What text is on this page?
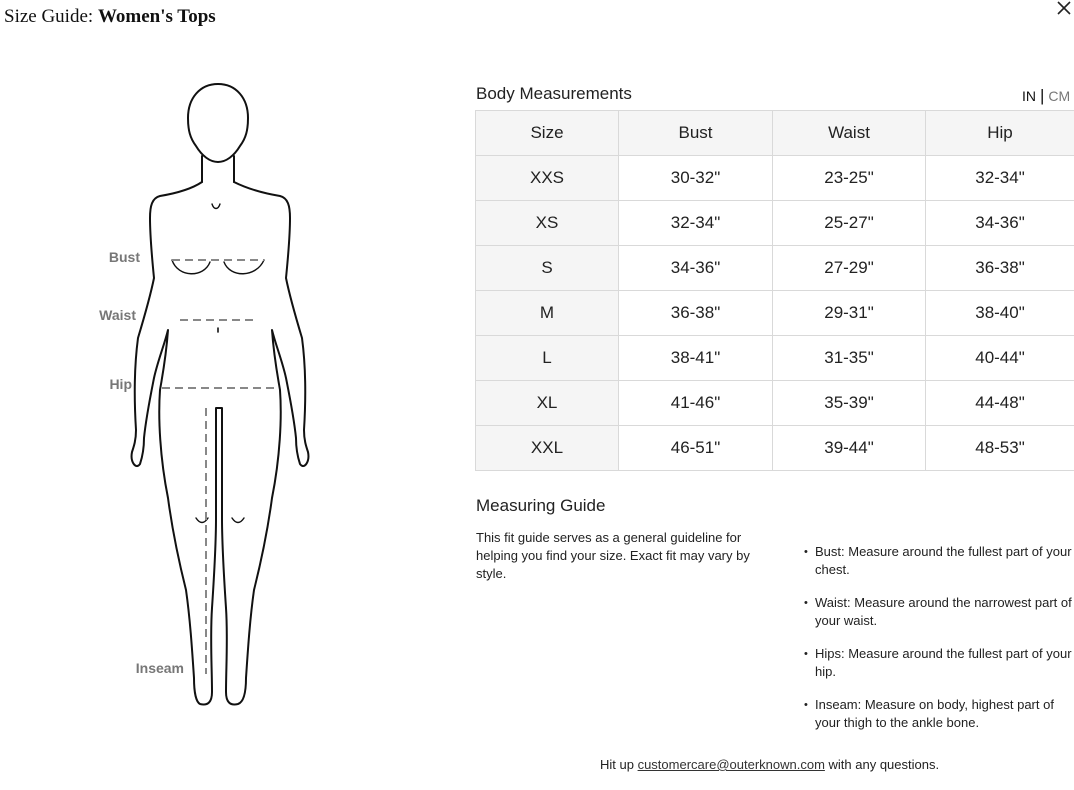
Size Guide: Women's Tops
Bust
Waist
Hip
Inseam
Body Measurements	IN | CM
Size	Bust	Waist	Hip
XXS	30-32"	23-25"	32-34"
XS	32-34"	25-27"	34-36"
S	34-36"	27-29"	36-38"
M	36-38"	29-31"	38-40"
L	38-41"	31-35"	40-44"
XL	41-46"	35-39"	44-48"
XXL	46-51"	39-44"	48-53"
Measuring Guide
This fit guide serves as a general guideline for helping you find your size. Exact fit may vary by style.
• Bust: Measure around the fullest part of your chest.
• Waist: Measure around the narrowest part of your waist.
• Hips: Measure around the fullest part of your hip.
• Inseam: Measure on body, highest part of your thigh to the ankle bone.
Hit up customercare@outerknown.com with any questions.
